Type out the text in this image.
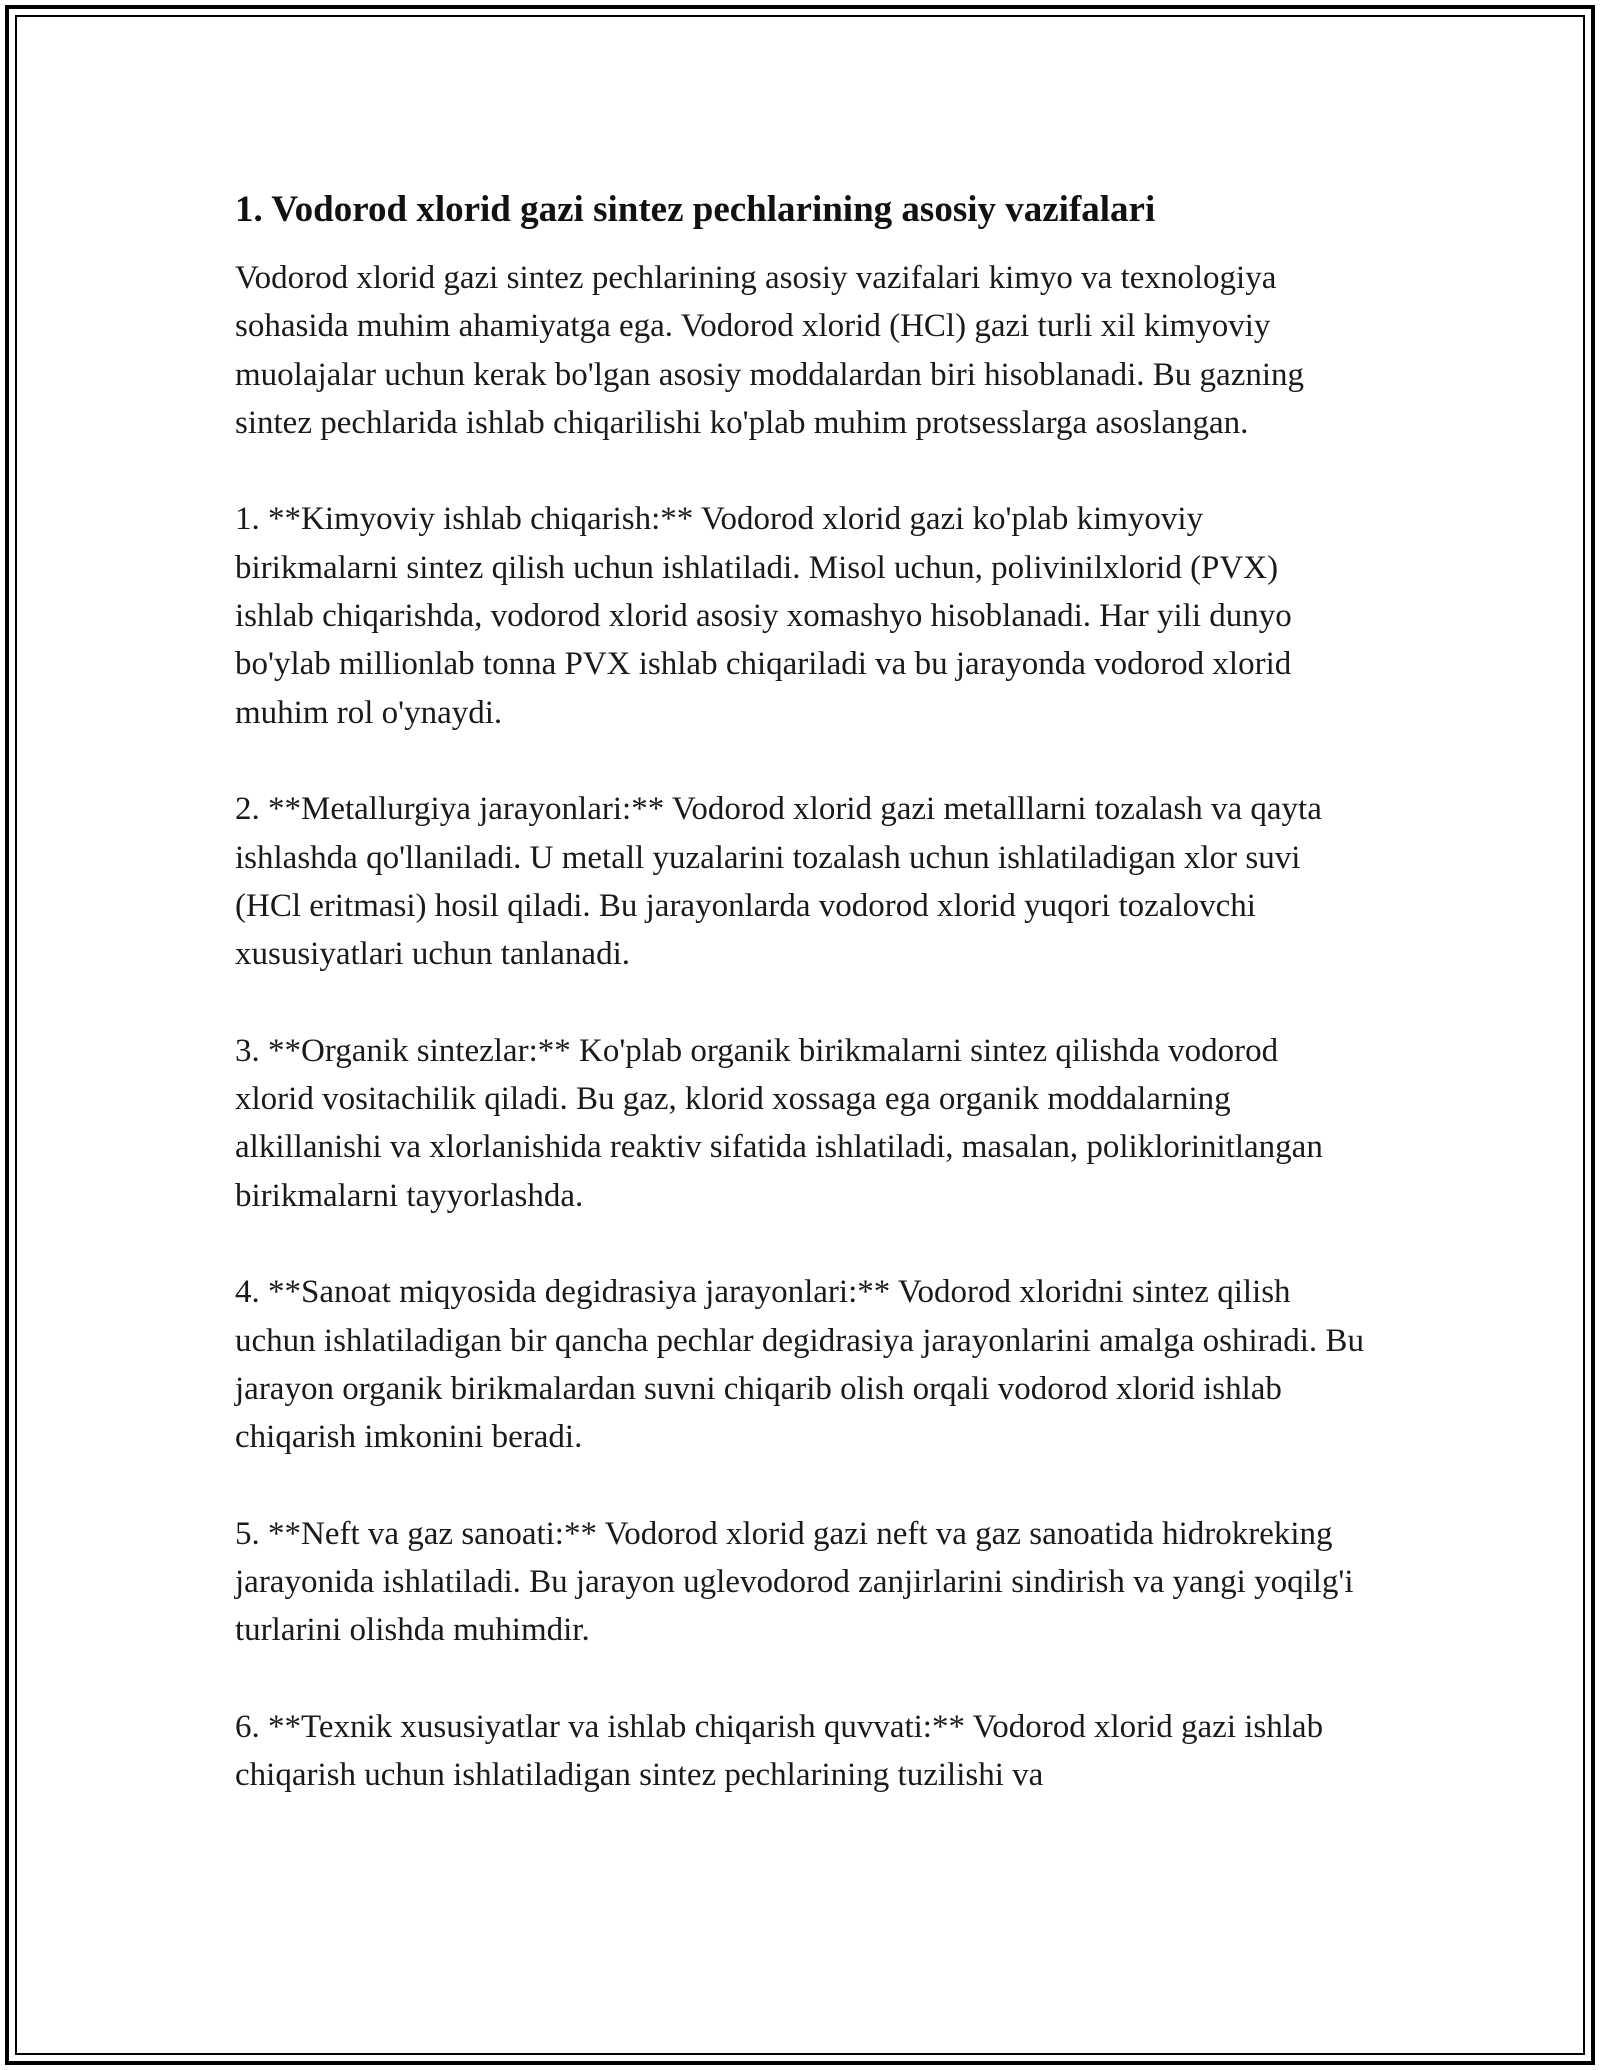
1. Vodorod xlorid gazi sintez pechlarining asosiy vazifalari

Vodorod xlorid gazi sintez pechlarining asosiy vazifalari kimyo va texnologiya sohasida muhim ahamiyatga ega. Vodorod xlorid (HCl) gazi turli xil kimyoviy muolajalar uchun kerak bo'lgan asosiy moddalardan biri hisoblanadi. Bu gazning sintez pechlarida ishlab chiqarilishi ko'plab muhim protsesslarga asoslangan.

1. **Kimyoviy ishlab chiqarish:** Vodorod xlorid gazi ko'plab kimyoviy birikmalarni sintez qilish uchun ishlatiladi. Misol uchun, polivinilxlorid (PVX) ishlab chiqarishda, vodorod xlorid asosiy xomashyo hisoblanadi. Har yili dunyo bo'ylab millionlab tonna PVX ishlab chiqariladi va bu jarayonda vodorod xlorid muhim rol o'ynaydi.

2. **Metallurgiya jarayonlari:** Vodorod xlorid gazi metalllarni tozalash va qayta ishlashda qo'llaniladi. U metall yuzalarini tozalash uchun ishlatiladigan xlor suvi (HCl eritmasi) hosil qiladi. Bu jarayonlarda vodorod xlorid yuqori tozalovchi xususiyatlari uchun tanlanadi.

3. **Organik sintezlar:** Ko'plab organik birikmalarni sintez qilishda vodorod xlorid vositachilik qiladi. Bu gaz, klorid xossaga ega organik moddalarning alkillanishi va xlorlanishida reaktiv sifatida ishlatiladi, masalan, poliklorinitlangan birikmalarni tayyorlashda.

4. **Sanoat miqyosida degidrasiya jarayonlari:** Vodorod xloridni sintez qilish uchun ishlatiladigan bir qancha pechlar degidrasiya jarayonlarini amalga oshiradi. Bu jarayon organik birikmalardan suvni chiqarib olish orqali vodorod xlorid ishlab chiqarish imkonini beradi.

5. **Neft va gaz sanoati:** Vodorod xlorid gazi neft va gaz sanoatida hidrokreking jarayonida ishlatiladi. Bu jarayon uglevodorod zanjirlarini sindirish va yangi yoqilg'i turlarini olishda muhimdir.

6. **Texnik xususiyatlar va ishlab chiqarish quvvati:** Vodorod xlorid gazi ishlab chiqarish uchun ishlatiladigan sintez pechlarining tuzilishi va
